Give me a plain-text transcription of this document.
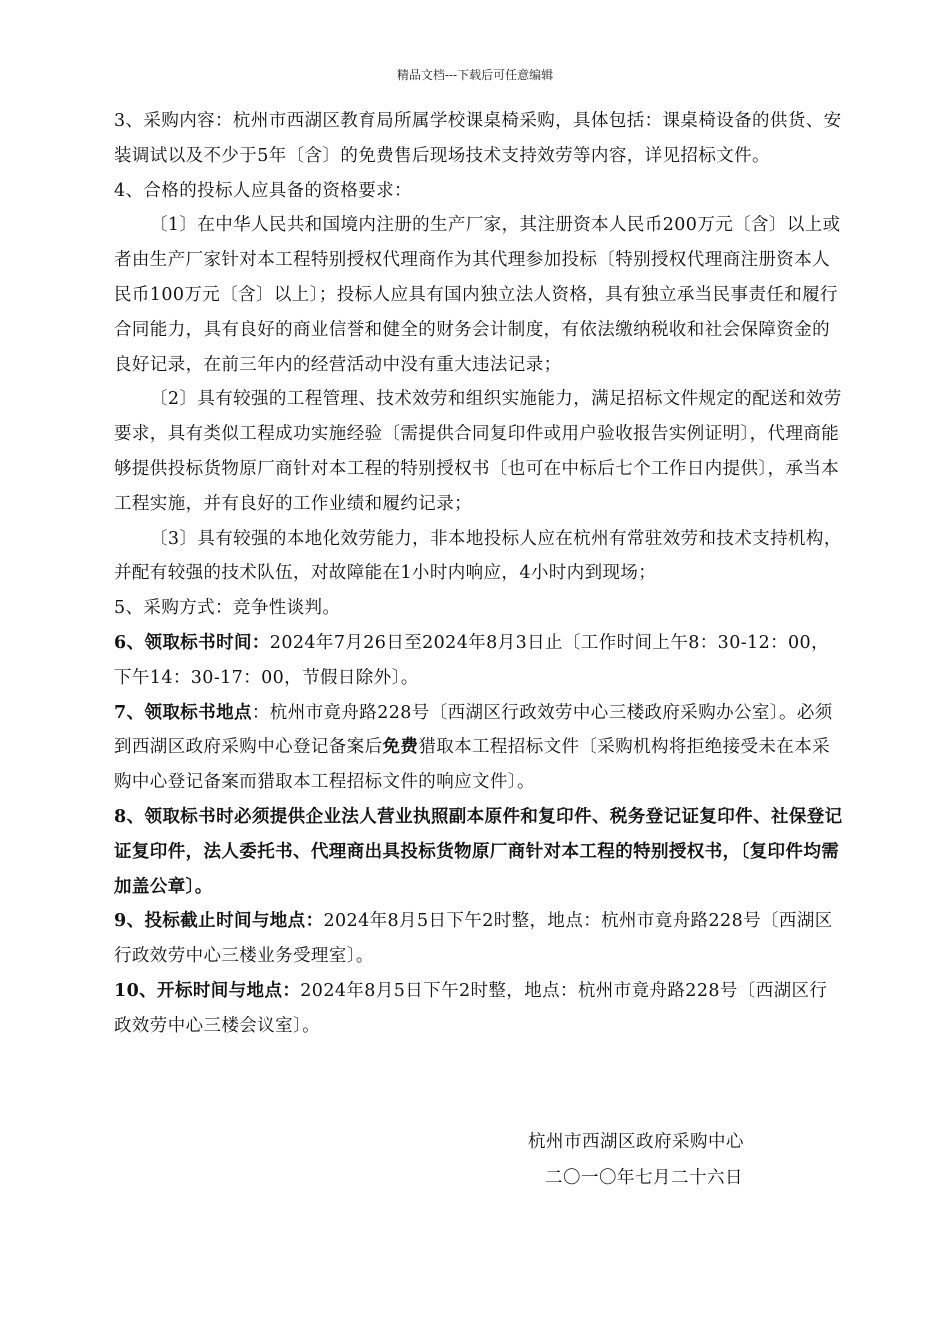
精品文档---下载后可任意编辑

3、采购内容：杭州市西湖区教育局所属学校课桌椅采购，具体包括：课桌椅设备的供货、安装调试以及不少于5年〔含〕的免费售后现场技术支持效劳等内容，详见招标文件。

4、合格的投标人应具备的资格要求：

〔1〕在中华人民共和国境内注册的生产厂家，其注册资本人民币200万元〔含〕以上或者由生产厂家针对本工程特别授权代理商作为其代理参加投标〔特别授权代理商注册资本人民币100万元〔含〕以上〕；投标人应具有国内独立法人资格，具有独立承当民事责任和履行合同能力，具有良好的商业信誉和健全的财务会计制度，有依法缴纳税收和社会保障资金的良好记录，在前三年内的经营活动中没有重大违法记录；

〔2〕具有较强的工程管理、技术效劳和组织实施能力，满足招标文件规定的配送和效劳要求，具有类似工程成功实施经验〔需提供合同复印件或用户验收报告实例证明〕，代理商能够提供投标货物原厂商针对本工程的特别授权书〔也可在中标后七个工作日内提供〕，承当本工程实施，并有良好的工作业绩和履约记录；

〔3〕具有较强的本地化效劳能力，非本地投标人应在杭州有常驻效劳和技术支持机构，并配有较强的技术队伍，对故障能在1小时内响应，4小时内到现场；

5、采购方式：竞争性谈判。

6、领取标书时间：2024年7月26日至2024年8月3日止〔工作时间上午8：30-12：00，下午14：30-17：00，节假日除外〕。

7、领取标书地点：杭州市竟舟路228号〔西湖区行政效劳中心三楼政府采购办公室〕。必须到西湖区政府采购中心登记备案后免费猎取本工程招标文件〔采购机构将拒绝接受未在本采购中心登记备案而猎取本工程招标文件的响应文件〕。

8、领取标书时必须提供企业法人营业执照副本原件和复印件、税务登记证复印件、社保登记证复印件，法人委托书、代理商出具投标货物原厂商针对本工程的特别授权书，〔复印件均需加盖公章〕。

9、投标截止时间与地点：2024年8月5日下午2时整，地点：杭州市竟舟路228号〔西湖区行政效劳中心三楼业务受理室〕。

10、开标时间与地点：2024年8月5日下午2时整，地点：杭州市竟舟路228号〔西湖区行政效劳中心三楼会议室〕。

杭州市西湖区政府采购中心
二〇一〇年七月二十六日
